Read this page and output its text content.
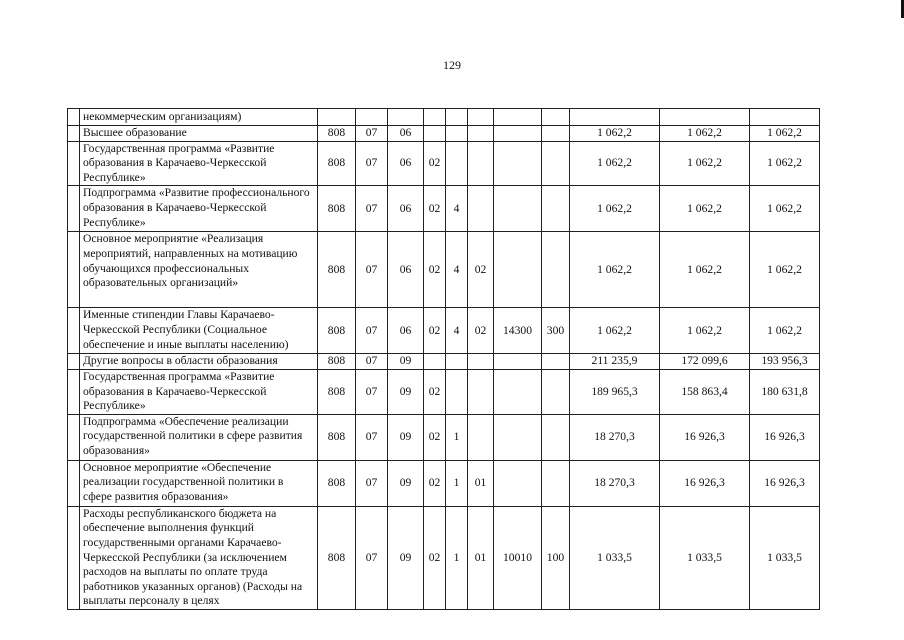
129
	некоммерческим организациям)											
	Высшее образование	808	07	06						1 062,2	1 062,2	1 062,2
	Государственная программа «Развитие образования в Карачаево-Черкесской Республике»	808	07	06	02					1 062,2	1 062,2	1 062,2
	Подпрограмма «Развитие профессионального образования в Карачаево-Черкесской Республике»	808	07	06	02	4				1 062,2	1 062,2	1 062,2
	Основное мероприятие «Реализация мероприятий, направленных на мотивацию обучающихся профессиональных образовательных организаций»	808	07	06	02	4	02			1 062,2	1 062,2	1 062,2
	Именные стипендии Главы Карачаево-Черкесской Республики (Социальное обеспечение и иные выплаты населению)	808	07	06	02	4	02	14300	300	1 062,2	1 062,2	1 062,2
	Другие вопросы в области образования	808	07	09						211 235,9	172 099,6	193 956,3
	Государственная программа «Развитие образования в Карачаево-Черкесской Республике»	808	07	09	02					189 965,3	158 863,4	180 631,8
	Подпрограмма «Обеспечение реализации государственной политики в сфере развития образования»	808	07	09	02	1				18 270,3	16 926,3	16 926,3
	Основное мероприятие «Обеспечение реализации государственной политики в сфере развития образования»	808	07	09	02	1	01			18 270,3	16 926,3	16 926,3
	Расходы республиканского бюджета на обеспечение выполнения функций государственными органами Карачаево-Черкесской Республики (за исключением расходов на выплаты по оплате труда работников указанных органов) (Расходы на выплаты персоналу в целях	808	07	09	02	1	01	10010	100	1 033,5	1 033,5	1 033,5
